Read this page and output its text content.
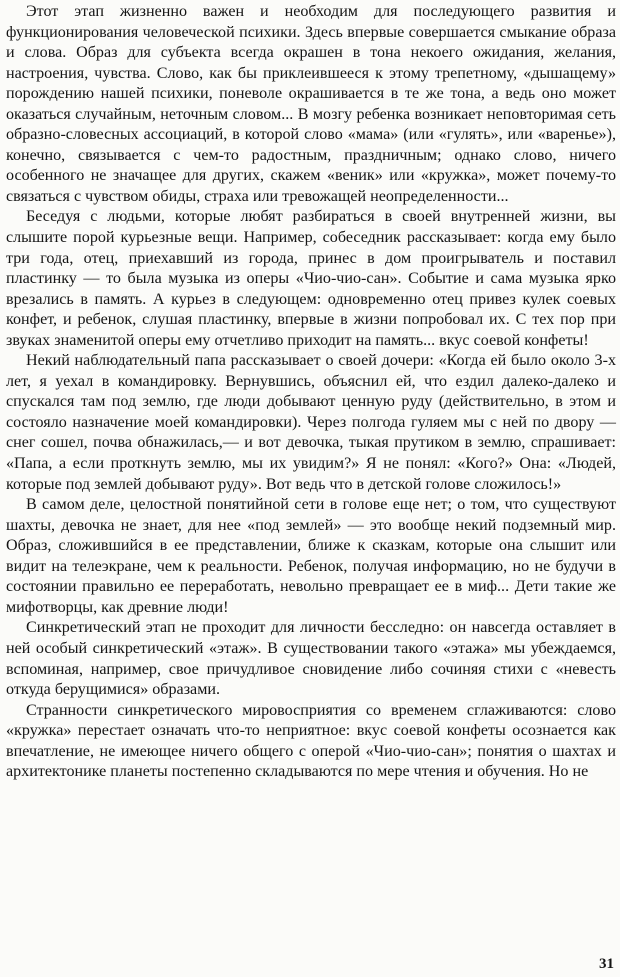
Этот этап жизненно важен и необходим для последующего развития и функционирования человеческой психики. Здесь впервые совершается смыкание образа и слова. Образ для субъекта всегда окрашен в тона некоего ожидания, желания, настроения, чувства. Слово, как бы приклеившееся к этому трепетному, «дышащему» порождению нашей психики, поневоле окрашивается в те же тона, а ведь оно может оказаться случайным, неточным словом... В мозгу ребенка возникает неповторимая сеть образно-словесных ассоциаций, в которой слово «мама» (или «гулять», или «варенье»), конечно, связывается с чем-то радостным, праздничным; однако слово, ничего особенного не значащее для других, скажем «веник» или «кружка», может почему-то связаться с чувством обиды, страха или тревожащей неопределенности...

Беседуя с людьми, которые любят разбираться в своей внутренней жизни, вы слышите порой курьезные вещи. Например, собеседник рассказывает: когда ему было три года, отец, приехавший из города, принес в дом проигрыватель и поставил пластинку — то была музыка из оперы «Чио-чио-сан». Событие и сама музыка ярко врезались в память. А курьез в следующем: одновременно отец привез кулек соевых конфет, и ребенок, слушая пластинку, впервые в жизни попробовал их. С тех пор при звуках знаменитой оперы ему отчетливо приходит на память... вкус соевой конфеты!

Некий наблюдательный папа рассказывает о своей дочери: «Когда ей было около 3-х лет, я уехал в командировку. Вернувшись, объяснил ей, что ездил далеко-далеко и спускался там под землю, где люди добывают ценную руду (действительно, в этом и состояло назначение моей командировки). Через полгода гуляем мы с ней по двору — снег сошел, почва обнажилась,— и вот девочка, тыкая прутиком в землю, спрашивает: «Папа, а если проткнуть землю, мы их увидим?» Я не понял: «Кого?» Она: «Людей, которые под землей добывают руду». Вот ведь что в детской голове сложилось!»

В самом деле, целостной понятийной сети в голове еще нет; о том, что существуют шахты, девочка не знает, для нее «под землей» — это вообще некий подземный мир. Образ, сложившийся в ее представлении, ближе к сказкам, которые она слышит или видит на телеэкране, чем к реальности. Ребенок, получая информацию, но не будучи в состоянии правильно ее переработать, невольно превращает ее в миф... Дети такие же мифотворцы, как древние люди!

Синкретический этап не проходит для личности бесследно: он навсегда оставляет в ней особый синкретический «этаж». В существовании такого «этажа» мы убеждаемся, вспоминая, например, свое причудливое сновидение либо сочиняя стихи с «невесть откуда берущимися» образами.

Странности синкретического мировосприятия со временем сглаживаются: слово «кружка» перестает означать что-то неприятное: вкус соевой конфеты осознается как впечатление, не имеющее ничего общего с оперой «Чио-чио-сан»; понятия о шахтах и архитектонике планеты постепенно складываются по мере чтения и обучения. Но не

31
